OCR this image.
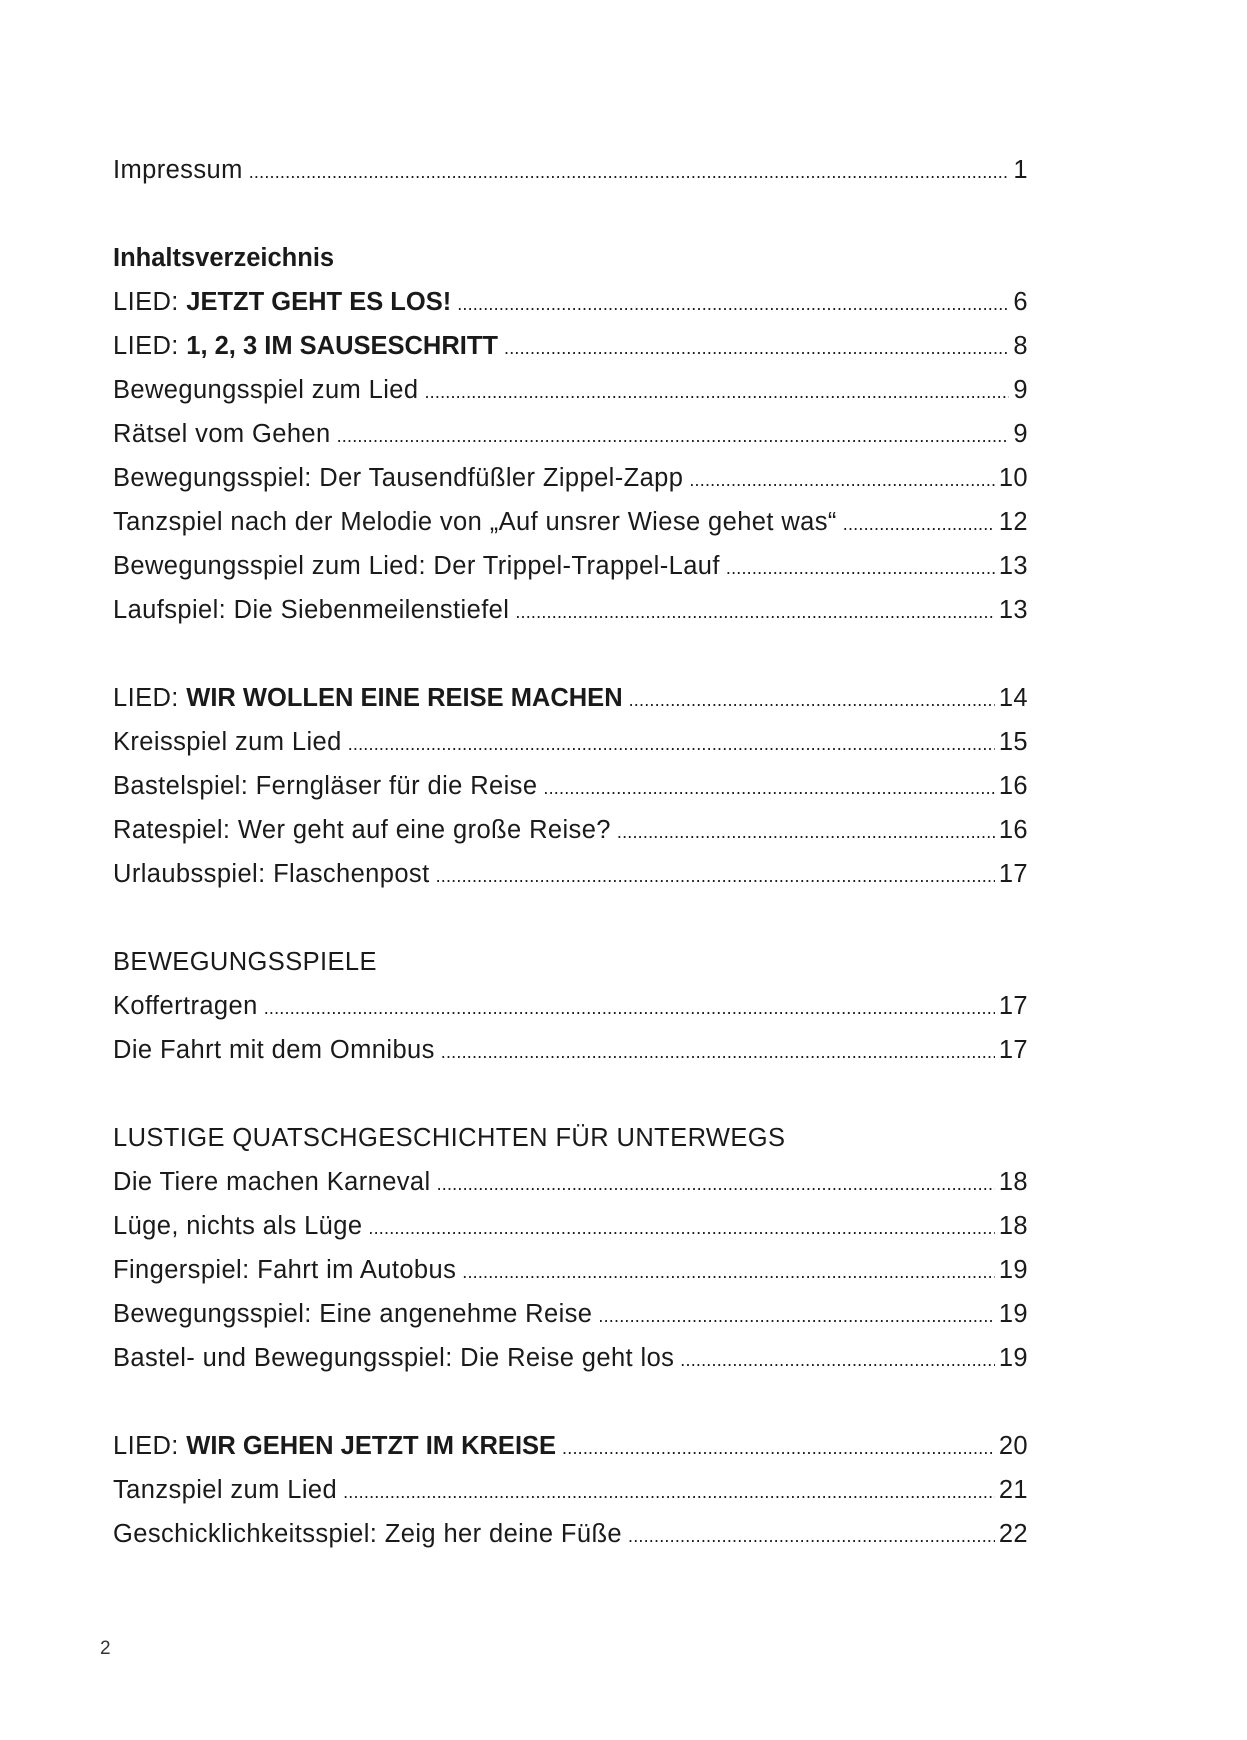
Impressum . . .	1
Inhaltsverzeichnis
LIED: JETZT GEHT ES LOS! . . .	6
LIED: 1, 2, 3 IM SAUSESCHRITT . . .	8
Bewegungsspiel zum Lied . . .	9
Rätsel vom Gehen . . .	9
Bewegungsspiel: Der Tausendfüßler Zippel-Zapp . . .	10
Tanzspiel nach der Melodie von „Auf unsrer Wiese gehet was“ . . .	12
Bewegungsspiel zum Lied: Der Trippel-Trappel-Lauf . . .	13
Laufspiel: Die Siebenmeilenstiefel . . .	13
LIED: WIR WOLLEN EINE REISE MACHEN . . .	14
Kreisspiel zum Lied . . .	15
Bastelspiel: Ferngläser für die Reise . . .	16
Ratespiel: Wer geht auf eine große Reise? . . .	16
Urlaubsspiel: Flaschenpost . . .	17
BEWEGUNGSSPIELE
Koffertragen . . .	17
Die Fahrt mit dem Omnibus . . .	17
LUSTIGE QUATSCHGESCHICHTEN FÜR UNTERWEGS
Die Tiere machen Karneval . . .	18
Lüge, nichts als Lüge . . .	18
Fingerspiel: Fahrt im Autobus . . .	19
Bewegungsspiel: Eine angenehme Reise . . .	19
Bastel- und Bewegungsspiel: Die Reise geht los . . .	19
LIED: WIR GEHEN JETZT IM KREISE . . .	20
Tanzspiel zum Lied . . .	21
Geschicklichkeitsspiel: Zeig her deine Füße . . .	22
2
